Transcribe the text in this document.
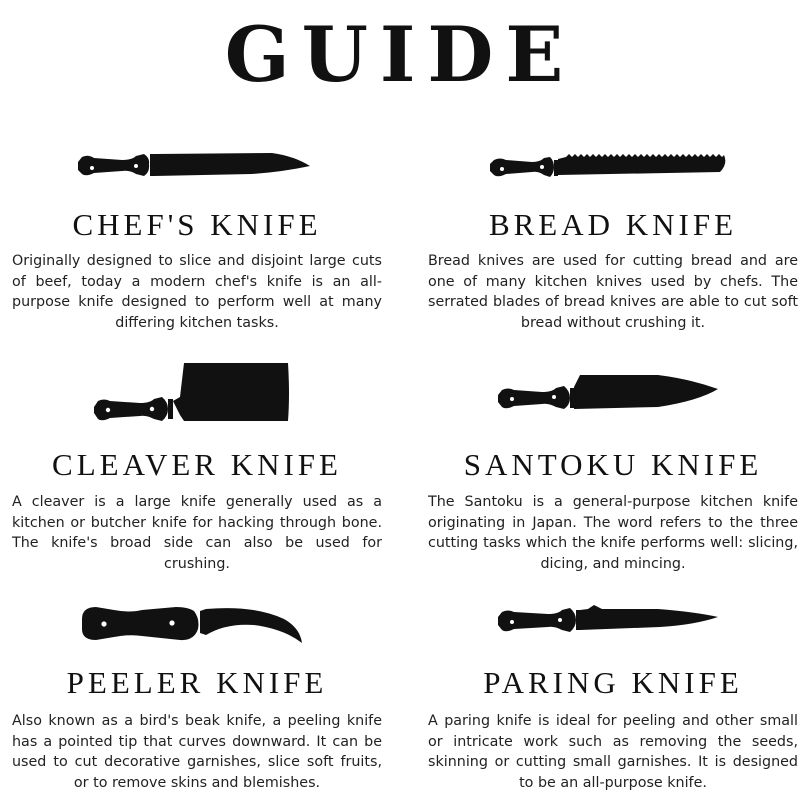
GUIDE
CHEF'S KNIFE

Originally designed to slice and disjoint large cuts of beef, today a modern chef's knife is an all-purpose knife designed to perform well at many differing kitchen tasks.

BREAD KNIFE

Bread knives are used for cutting bread and are one of many kitchen knives used by chefs. The serrated blades of bread knives are able to cut soft bread without crushing it.

CLEAVER KNIFE

A cleaver is a large knife generally used as a kitchen or butcher knife for hacking through bone. The knife's broad side can also be used for crushing.

SANTOKU KNIFE

The Santoku is a general-purpose kitchen knife originating in Japan. The word refers to the three cutting tasks which the knife performs well: slicing, dicing, and mincing.

PEELER KNIFE

Also known as a bird's beak knife, a peeling knife has a pointed tip that curves downward. It can be used to cut decorative garnishes, slice soft fruits, or to remove skins and blemishes.

PARING KNIFE

A paring knife is ideal for peeling and other small or intricate work such as removing the seeds, skinning or cutting small garnishes. It is designed to be an all-purpose knife.
